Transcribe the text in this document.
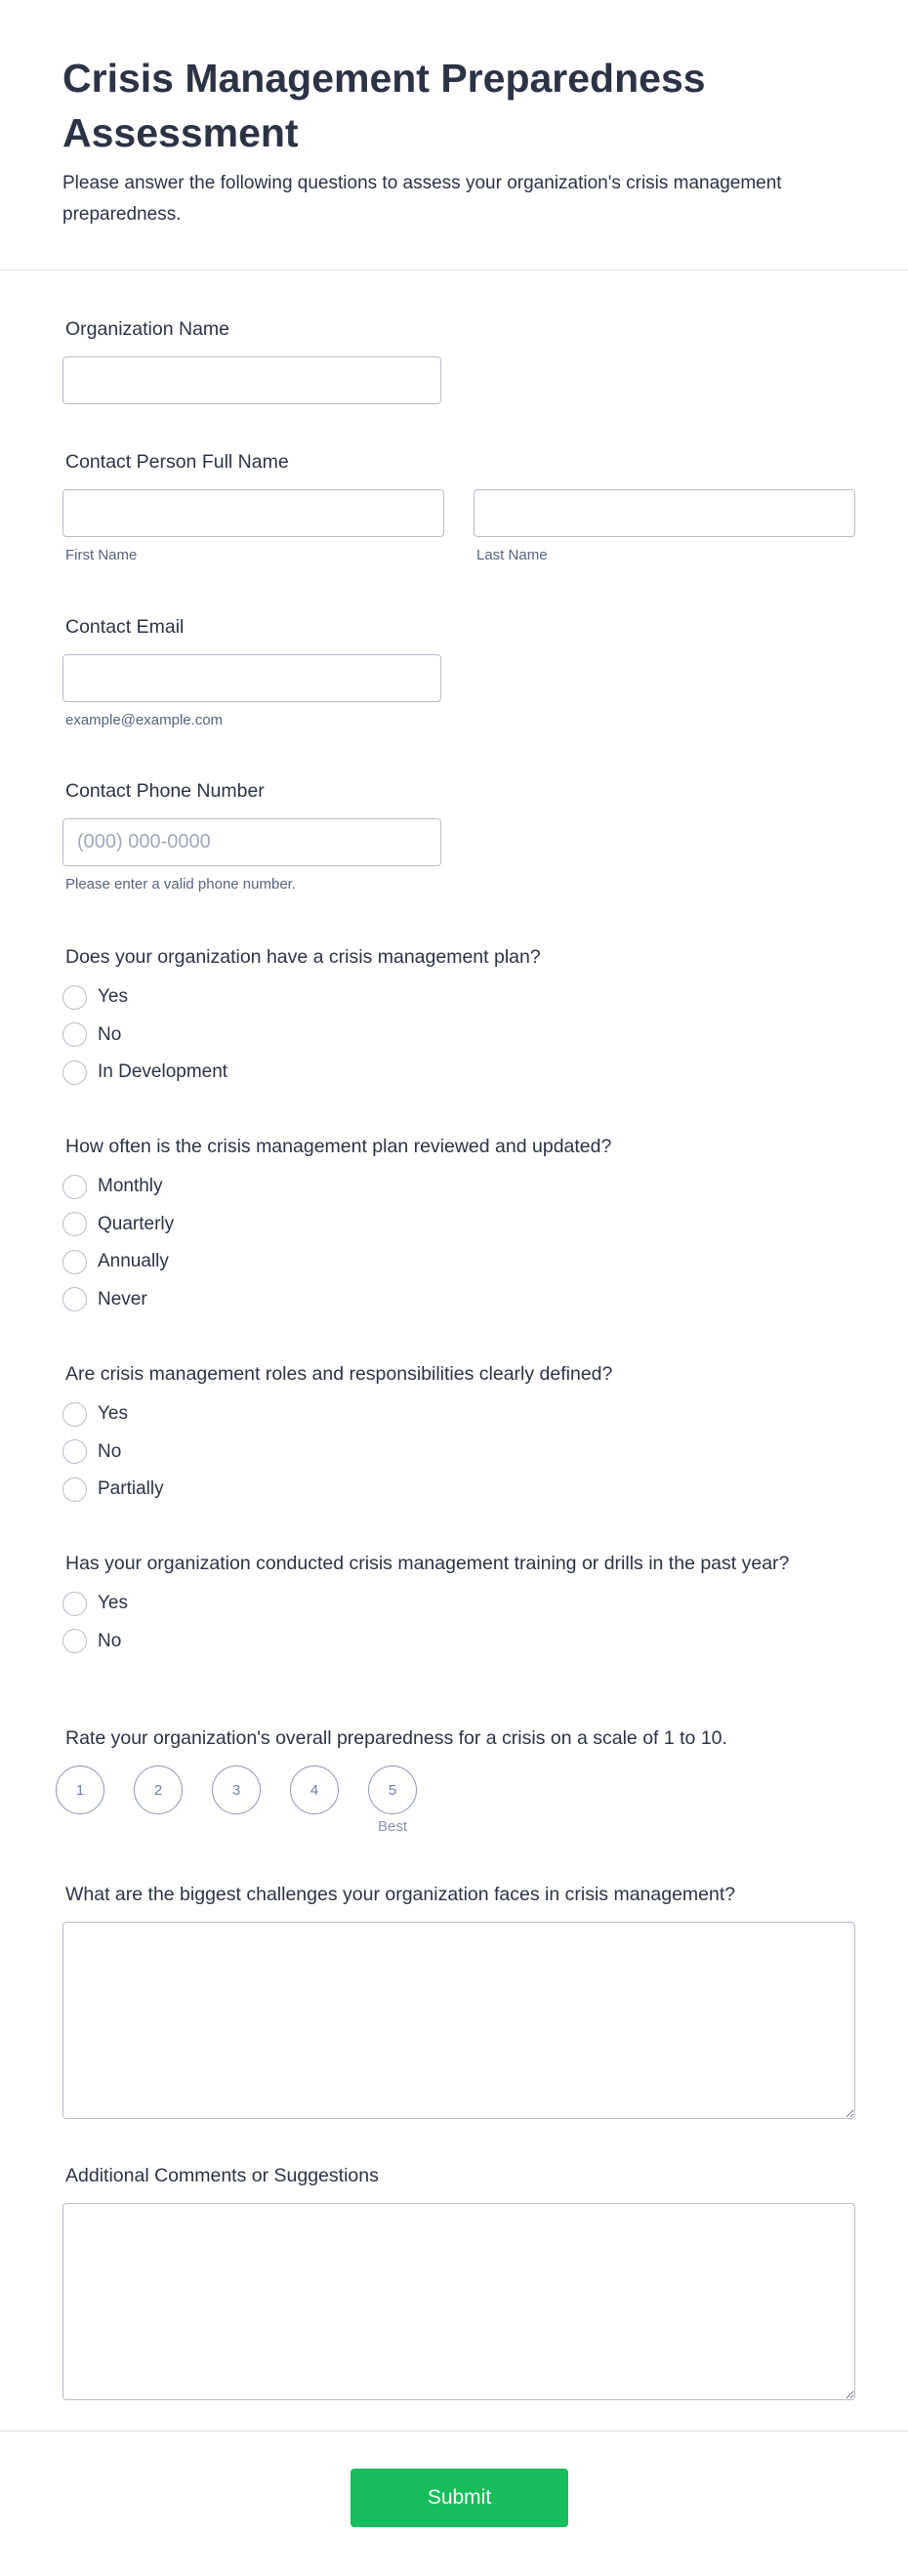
Crisis Management Preparedness Assessment

Please answer the following questions to assess your organization's crisis management preparedness.

Organization Name
Contact Person Full Name
First Name	Last Name
Contact Email
example@example.com
Contact Phone Number
(000) 000-0000
Please enter a valid phone number.
Does your organization have a crisis management plan?
Yes
No
In Development
How often is the crisis management plan reviewed and updated?
Monthly
Quarterly
Annually
Never
Are crisis management roles and responsibilities clearly defined?
Yes
No
Partially
Has your organization conducted crisis management training or drills in the past year?
Yes
No
Rate your organization's overall preparedness for a crisis on a scale of 1 to 10.
1	2	3	4	5
Best
What are the biggest challenges your organization faces in crisis management?
Additional Comments or Suggestions
Submit
